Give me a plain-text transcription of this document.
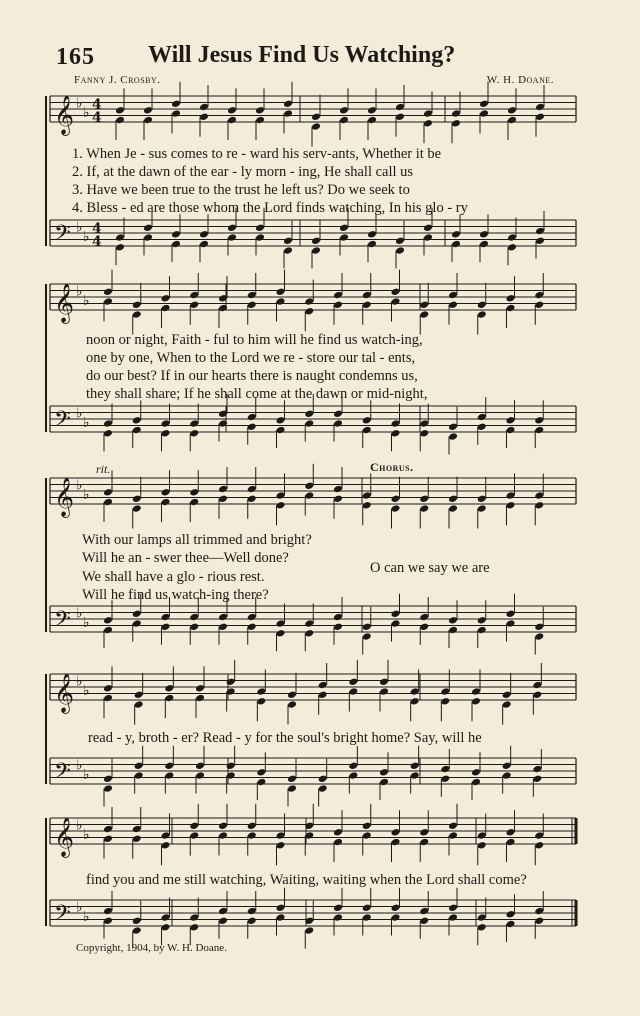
165 Will Jesus Find Us Watching?
Fanny J. Crosby.	W. H. Doane.
𝄞 ♭
♭ 4
4
𝄢 ♭
♭ 4
4
𝄞 ♭
♭
𝄢 ♭
♭
𝄞 ♭
♭
𝄢 ♭
♭
𝄞 ♭
♭
𝄢 ♭
♭
𝄞 ♭
♭
𝄢 ♭
♭
1. When Je - sus comes to re - ward his serv-ants, Whether it be
2. If, at the dawn of the ear - ly morn - ing, He shall call us
3. Have we been true to the trust he left us? Do we seek to
4. Bless - ed are those whom the Lord finds watching, In his glo - ry
noon or night, Faith - ful to him will he find us watch-ing,
one by one, When to the Lord we re - store our tal - ents,
do our best? If in our hearts there is naught condemns us,
they shall share; If he shall come at the dawn or mid-night,
rit.	Chorus.
With our lamps all trimmed and bright?
Will he an - swer thee—Well done?
We shall have a glo - rious rest.
Will he find us watch-ing there?
O can we say we are
read - y, broth - er? Read - y for the soul's bright home? Say, will he
find you and me still watching, Waiting, waiting when the Lord shall come?
Copyright, 1904, by W. H. Doane.
